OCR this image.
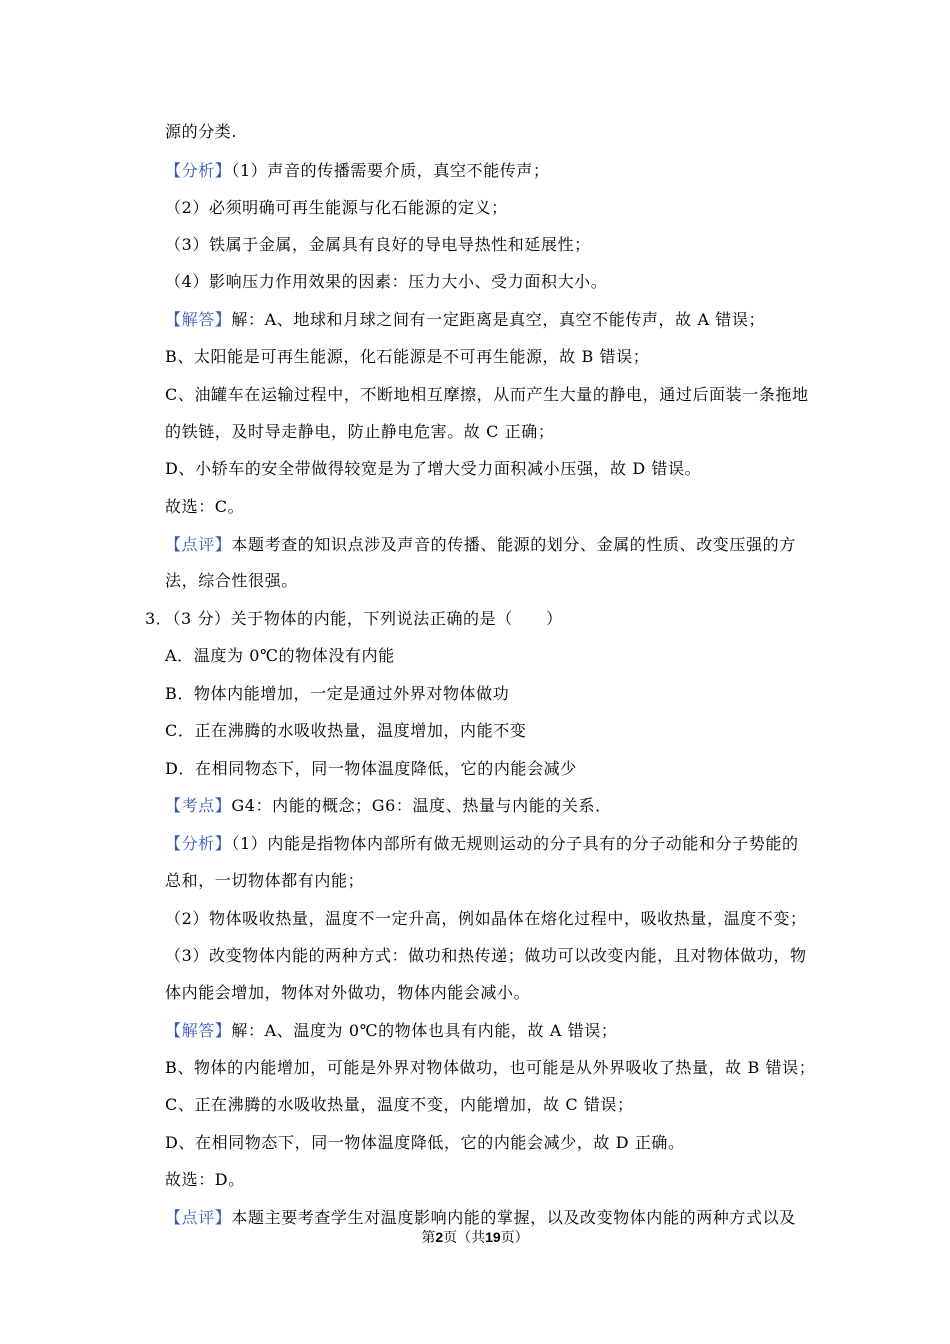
源的分类.
【分析】（1）声音的传播需要介质，真空不能传声；
（2）必须明确可再生能源与化石能源的定义；
（3）铁属于金属，金属具有良好的导电导热性和延展性；
（4）影响压力作用效果的因素：压力大小、受力面积大小。
【解答】解：A、地球和月球之间有一定距离是真空，真空不能传声，故 A 错误；
B、太阳能是可再生能源，化石能源是不可再生能源，故 B 错误；
C、油罐车在运输过程中，不断地相互摩擦，从而产生大量的静电，通过后面装一条拖地
的铁链，及时导走静电，防止静电危害。故 C 正确；
D、小轿车的安全带做得较宽是为了增大受力面积减小压强，故 D 错误。
故选：C。
【点评】本题考查的知识点涉及声音的传播、能源的划分、金属的性质、改变压强的方
法，综合性很强。
3．（3 分）关于物体的内能，下列说法正确的是（　　）
A．温度为 0℃的物体没有内能
B．物体内能增加，一定是通过外界对物体做功
C．正在沸腾的水吸收热量，温度增加，内能不变
D．在相同物态下，同一物体温度降低，它的内能会减少
【考点】G4：内能的概念；G6：温度、热量与内能的关系．
【分析】（1）内能是指物体内部所有做无规则运动的分子具有的分子动能和分子势能的
总和，一切物体都有内能；
（2）物体吸收热量，温度不一定升高，例如晶体在熔化过程中，吸收热量，温度不变；
（3）改变物体内能的两种方式：做功和热传递；做功可以改变内能，且对物体做功，物
体内能会增加，物体对外做功，物体内能会减小。
【解答】解：A、温度为 0℃的物体也具有内能，故 A 错误；
B、物体的内能增加，可能是外界对物体做功，也可能是从外界吸收了热量，故 B 错误；
C、正在沸腾的水吸收热量，温度不变，内能增加，故 C 错误；
D、在相同物态下，同一物体温度降低，它的内能会减少，故 D 正确。
故选：D。
【点评】本题主要考查学生对温度影响内能的掌握，以及改变物体内能的两种方式以及
第2页（共19页）
